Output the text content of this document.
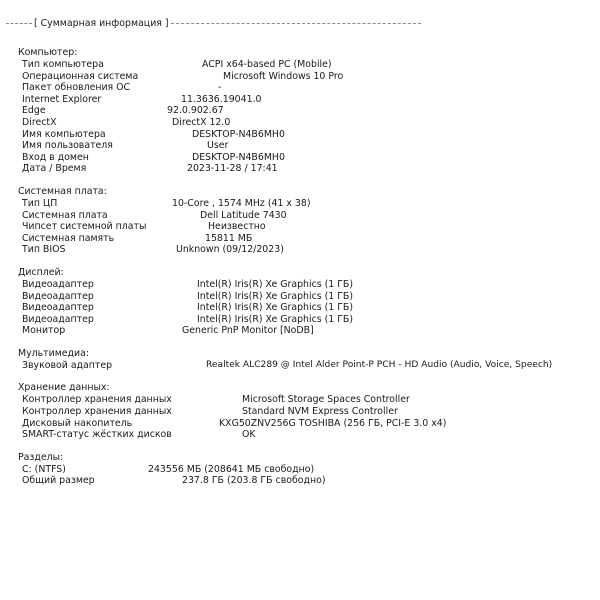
[ Суммарная информация ]
Компьютер:
Тип компьютера	ACPI x64-based PC (Mobile)
Операционная система	Microsoft Windows 10 Pro
Пакет обновления ОС	-
Internet Explorer	11.3636.19041.0
Edge	92.0.902.67
DirectX	DirectX 12.0
Имя компьютера	DESKTOP-N4B6MH0
Имя пользователя	User
Вход в домен	DESKTOP-N4B6MH0
Дата / Время	2023-11-28 / 17:41
Системная плата:
Тип ЦП	10-Core , 1574 MHz (41 x 38)
Системная плата	Dell Latitude 7430
Чипсет системной платы	Неизвестно
Системная память	15811 МБ
Тип BIOS	Unknown (09/12/2023)
Дисплей:
Видеоадаптер	Intel(R) Iris(R) Xe Graphics (1 ГБ)
Видеоадаптер	Intel(R) Iris(R) Xe Graphics (1 ГБ)
Видеоадаптер	Intel(R) Iris(R) Xe Graphics (1 ГБ)
Видеоадаптер	Intel(R) Iris(R) Xe Graphics (1 ГБ)
Монитор	Generic PnP Monitor [NoDB]
Мультимедиа:
Звуковой адаптер	Realtek ALC289 @ Intel Alder Point-P PCH - HD Audio (Audio, Voice, Speech)
Хранение данных:
Контроллер хранения данных	Microsoft Storage Spaces Controller
Контроллер хранения данных	Standard NVM Express Controller
Дисковый накопитель	KXG50ZNV256G TOSHIBA (256 ГБ, PCI-E 3.0 x4)
SMART-статус жёстких дисков	OK
Разделы:
C: (NTFS)	243556 МБ (208641 МБ свободно)
Общий размер	237.8 ГБ (203.8 ГБ свободно)
